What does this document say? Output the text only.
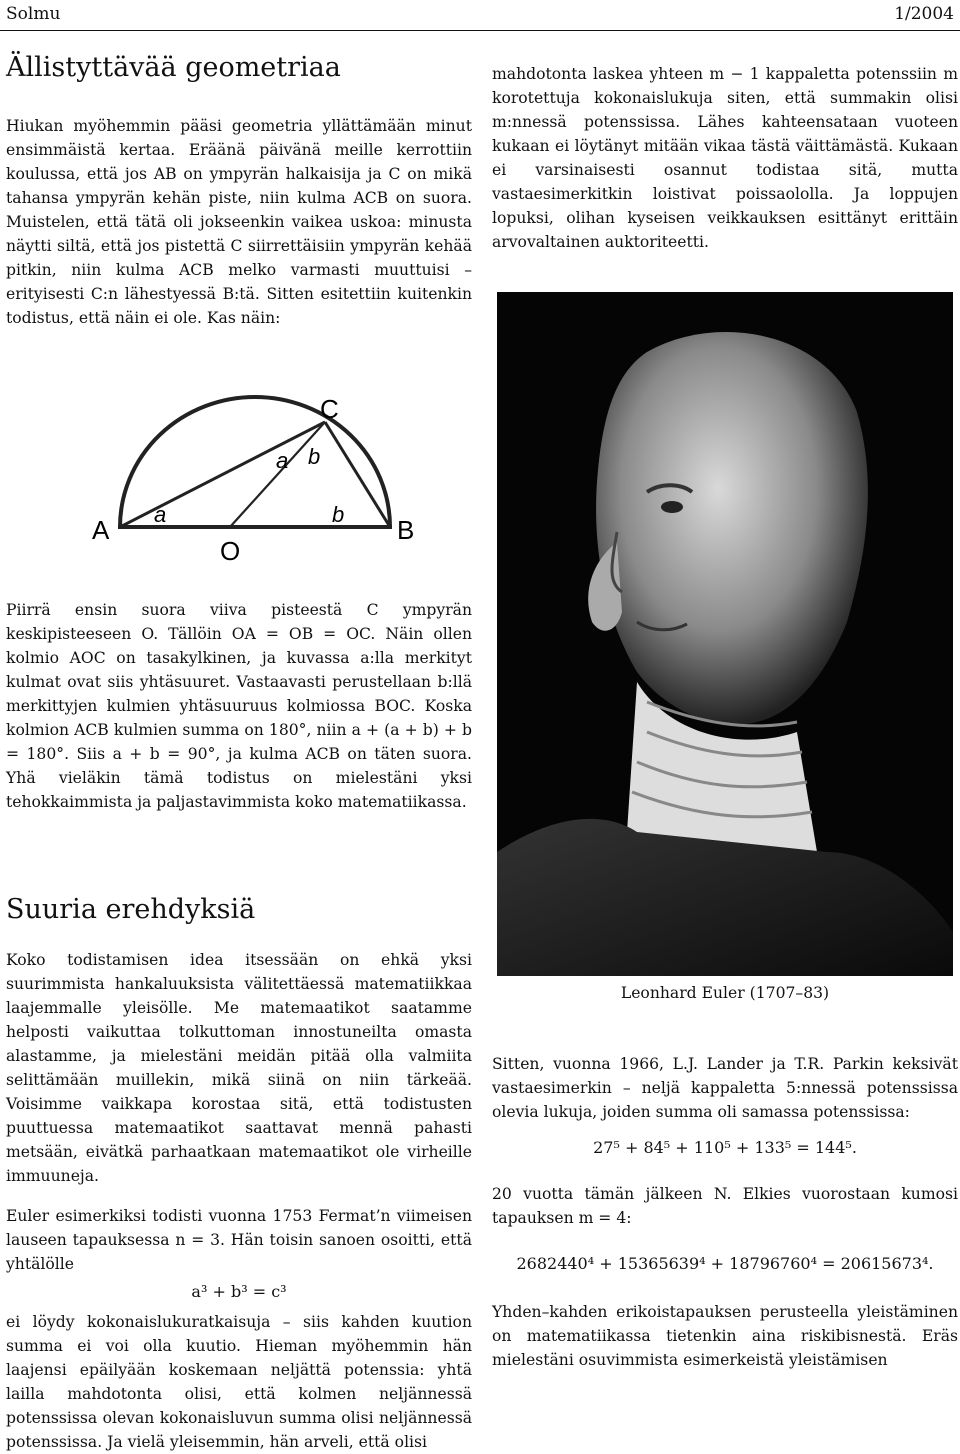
Solmu	1/2004
Ällistyttävää geometriaa

Hiukan myöhemmin pääsi geometria yllättämään minut ensimmäistä kertaa. Eräänä päivänä meille kerrottiin koulussa, että jos AB on ympyrän halkaisija ja C on mikä tahansa ympyrän kehän piste, niin kulma ACB on suora. Muistelen, että tätä oli jokseenkin vaikea uskoa: minusta näytti siltä, että jos pistettä C siirrettäisiin ympyrän kehää pitkin, niin kulma ACB melko varmasti muuttuisi – erityisesti C:n lähestyessä B:tä. Sitten esitettiin kuitenkin todistus, että näin ei ole. Kas näin:

C
A	B
O
a
a b
b

Piirrä ensin suora viiva pisteestä C ympyrän keskipisteeseen O. Tällöin OA = OB = OC. Näin ollen kolmio AOC on tasakylkinen, ja kuvassa a:lla merkityt kulmat ovat siis yhtäsuuret. Vastaavasti perustellaan b:llä merkittyjen kulmien yhtäsuuruus kolmiossa BOC. Koska kolmion ACB kulmien summa on 180°, niin a + (a + b) + b = 180°. Siis a + b = 90°, ja kulma ACB on täten suora. Yhä vieläkin tämä todistus on mielestäni yksi tehokkaimmista ja paljastavimmista koko matematiikassa.

Suuria erehdyksiä

Koko todistamisen idea itsessään on ehkä yksi suurimmista hankaluuksista välitettäessä matematiikkaa laajemmalle yleisölle. Me matemaatikot saatamme helposti vaikuttaa tolkuttoman innostuneilta omasta alastamme, ja mielestäni meidän pitää olla valmiita selittämään muillekin, mikä siinä on niin tärkeää. Voisimme vaikkapa korostaa sitä, että todistusten puuttuessa matemaatikot saattavat mennä pahasti metsään, eivätkä parhaatkaan matemaatikot ole virheille immuuneja.

Euler esimerkiksi todisti vuonna 1753 Fermat’n viimeisen lauseen tapauksessa n = 3. Hän toisin sanoen osoitti, että yhtälölle

a³ + b³ = c³

ei löydy kokonaislukuratkaisuja – siis kahden kuution summa ei voi olla kuutio. Hieman myöhemmin hän laajensi epäilyään koskemaan neljättä potenssia: yhtä lailla mahdotonta olisi, että kolmen neljännessä potenssissa olevan kokonaisluvun summa olisi neljännessä potenssissa. Ja vielä yleisemmin, hän arveli, että olisi

mahdotonta laskea yhteen m − 1 kappaletta potenssiin m korotettuja kokonaislukuja siten, että summakin olisi m:nnessä potenssissa. Lähes kahteensataan vuoteen kukaan ei löytänyt mitään vikaa tästä väittämästä. Kukaan ei varsinaisesti osannut todistaa sitä, mutta vastaesimerkitkin loistivat poissaololla. Ja loppujen lopuksi, olihan kyseisen veikkauksen esittänyt erittäin arvovaltainen auktoriteetti.

Leonhard Euler (1707–83)

Sitten, vuonna 1966, L.J. Lander ja T.R. Parkin keksivät vastaesimerkin – neljä kappaletta 5:nnessä potenssissa olevia lukuja, joiden summa oli samassa potenssissa:

27⁵ + 84⁵ + 110⁵ + 133⁵ = 144⁵.

20 vuotta tämän jälkeen N. Elkies vuorostaan kumosi tapauksen m = 4:

2682440⁴ + 15365639⁴ + 18796760⁴ = 20615673⁴.

Yhden–kahden erikoistapauksen perusteella yleistäminen on matematiikassa tietenkin aina riskibisnestä. Eräs mielestäni osuvimmista esimerkeistä yleistämisen
